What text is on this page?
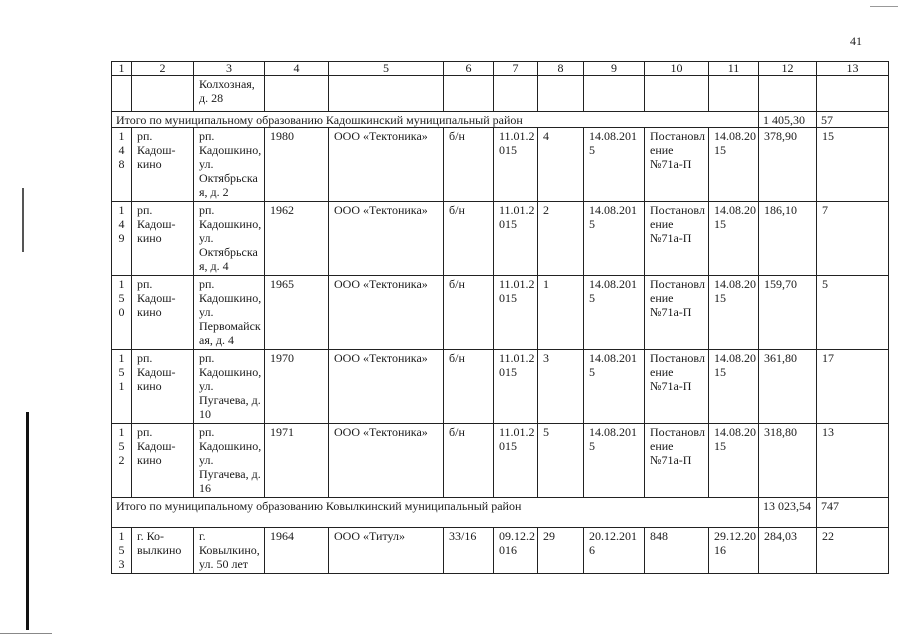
41
1	2	3	4	5	6	7	8	9	10	11	12	13
		Колхозная, д. 28										
Итого по муниципальному образованию Кадошкинский муниципальный район											1 405,30	57

1
4
8	рп. Кадош-кино	рп. Кадошкино, ул. Октябрьская, д. 2	1980	ООО «Тектоника»	б/н	11.01.2015	4	14.08.2015	Постановление №71а-П	14.08.2015	378,90	15

1
4
9	рп. Кадош-кино	рп. Кадошкино, ул. Октябрьская, д. 4	1962	ООО «Тектоника»	б/н	11.01.2015	2	14.08.2015	Постановление №71а-П	14.08.2015	186,10	7

1
5
0	рп. Кадош-кино	рп. Кадошкино, ул. Первомайская, д. 4	1965	ООО «Тектоника»	б/н	11.01.2015	1	14.08.2015	Постановление №71а-П	14.08.2015	159,70	5

1
5
1	рп. Кадош-кино	рп. Кадошкино, ул. Пугачева, д. 10	1970	ООО «Тектоника»	б/н	11.01.2015	3	14.08.2015	Постановление №71а-П	14.08.2015	361,80	17

1
5
2	рп. Кадош-кино	рп. Кадошкино, ул. Пугачева, д. 16	1971	ООО «Тектоника»	б/н	11.01.2015	5	14.08.2015	Постановление №71а-П	14.08.2015	318,80	13
Итого по муниципальному образованию Ковылкинский муниципальный район											13 023,54	747

1
5
3	г. Ко-вылкино	г. Ковылкино, ул. 50 лет	1964	ООО «Титул»	33/16	09.12.2016	29	20.12.2016	848	29.12.2016	284,03	22
